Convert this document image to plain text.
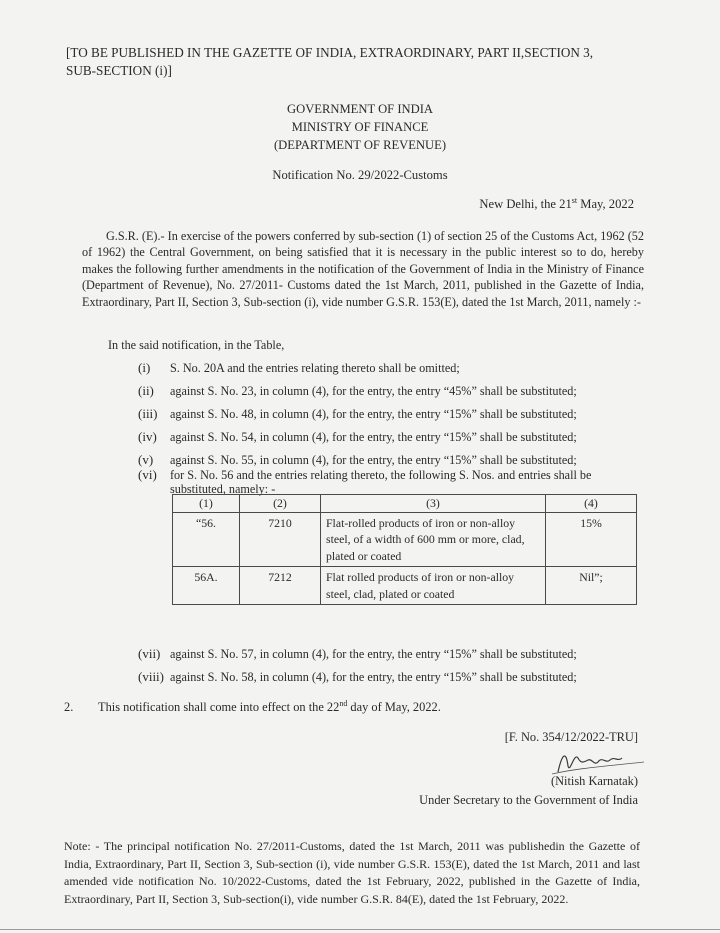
[TO BE PUBLISHED IN THE GAZETTE OF INDIA, EXTRAORDINARY, PART II,SECTION 3, SUB-SECTION (i)]
GOVERNMENT OF INDIA
MINISTRY OF FINANCE
(DEPARTMENT OF REVENUE)
Notification No. 29/2022-Customs
New Delhi, the 21st May, 2022
G.S.R. (E).- In exercise of the powers conferred by sub-section (1) of section 25 of the Customs Act, 1962 (52 of 1962) the Central Government, on being satisfied that it is necessary in the public interest so to do, hereby makes the following further amendments in the notification of the Government of India in the Ministry of Finance (Department of Revenue), No. 27/2011- Customs dated the 1st March, 2011, published in the Gazette of India, Extraordinary, Part II, Section 3, Sub-section (i), vide number G.S.R. 153(E), dated the 1st March, 2011, namely :-
In the said notification, in the Table,
(i) S. No. 20A and the entries relating thereto shall be omitted;
(ii) against S. No. 23, in column (4), for the entry, the entry “45%” shall be substituted;
(iii) against S. No. 48, in column (4), for the entry, the entry “15%” shall be substituted;
(iv) against S. No. 54, in column (4), for the entry, the entry “15%” shall be substituted;
(v) against S. No. 55, in column (4), for the entry, the entry “15%” shall be substituted;
(vi) for S. No. 56 and the entries relating thereto, the following S. Nos. and entries shall be
substituted, namely: -
(1)	(2)	(3)	(4)
“56.	7210	Flat-rolled products of iron or non-alloy steel, of a width of 600 mm or more, clad, plated or coated	15%
56A.	7212	Flat rolled products of iron or non-alloy steel, clad, plated or coated	Nil”;
(vii) against S. No. 57, in column (4), for the entry, the entry “15%” shall be substituted;
(viii) against S. No. 58, in column (4), for the entry, the entry “15%” shall be substituted;
2. This notification shall come into effect on the 22nd day of May, 2022.
[F. No. 354/12/2022-TRU]
(Nitish Karnatak)
Under Secretary to the Government of India
Note: - The principal notification No. 27/2011-Customs, dated the 1st March, 2011 was publishedin the Gazette of India, Extraordinary, Part II, Section 3, Sub-section (i), vide number G.S.R. 153(E), dated the 1st March, 2011 and last amended vide notification No. 10/2022-Customs, dated the 1st February, 2022, published in the Gazette of India, Extraordinary, Part II, Section 3, Sub-section(i), vide number G.S.R. 84(E), dated the 1st February, 2022.
